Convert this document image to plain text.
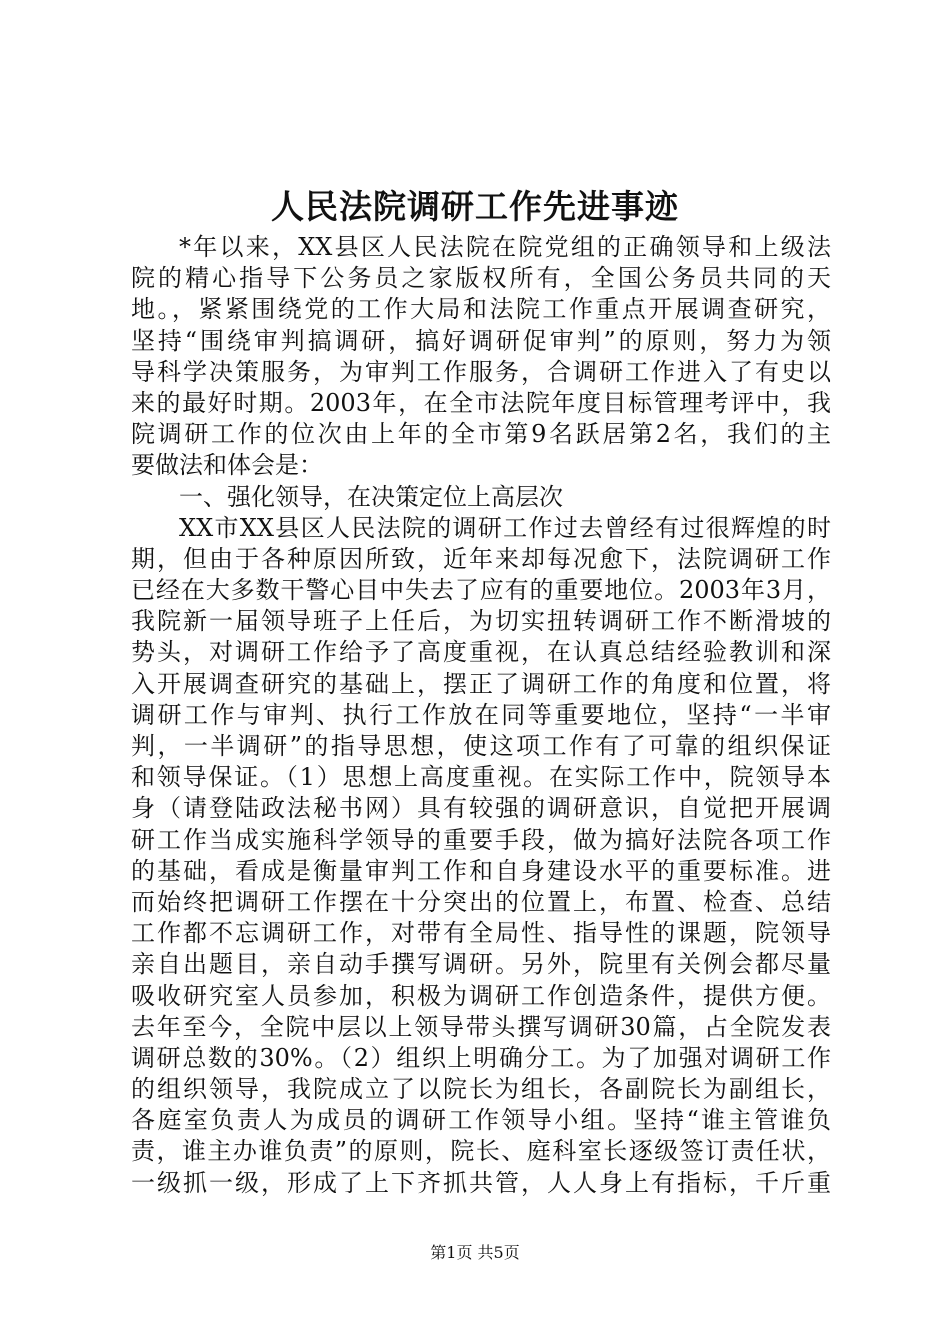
人民法院调研工作先进事迹
*年以来，XX县区人民法院在院党组的正确领导和上级法
院的精心指导下公务员之家版权所有，全国公务员共同的天
地。，紧紧围绕党的工作大局和法院工作重点开展调查研究，
坚持“围绕审判搞调研，搞好调研促审判”的原则，努力为领
导科学决策服务，为审判工作服务，合调研工作进入了有史以
来的最好时期。2003年，在全市法院年度目标管理考评中，我
院调研工作的位次由上年的全市第9名跃居第2名，我们的主
要做法和体会是：
一、强化领导，在决策定位上高层次
XX市XX县区人民法院的调研工作过去曾经有过很辉煌的时
期，但由于各种原因所致，近年来却每况愈下，法院调研工作
已经在大多数干警心目中失去了应有的重要地位。2003年3月，
我院新一届领导班子上任后，为切实扭转调研工作不断滑坡的
势头，对调研工作给予了高度重视，在认真总结经验教训和深
入开展调查研究的基础上，摆正了调研工作的角度和位置，将
调研工作与审判、执行工作放在同等重要地位，坚持“一半审
判，一半调研”的指导思想，使这项工作有了可靠的组织保证
和领导保证。（1）思想上高度重视。在实际工作中，院领导本
身（请登陆政法秘书网）具有较强的调研意识，自觉把开展调
研工作当成实施科学领导的重要手段，做为搞好法院各项工作
的基础，看成是衡量审判工作和自身建设水平的重要标准。进
而始终把调研工作摆在十分突出的位置上，布置、检查、总结
工作都不忘调研工作，对带有全局性、指导性的课题，院领导
亲自出题目，亲自动手撰写调研。另外，院里有关例会都尽量
吸收研究室人员参加，积极为调研工作创造条件，提供方便。
去年至今，全院中层以上领导带头撰写调研30篇，占全院发表
调研总数的30%。（2）组织上明确分工。为了加强对调研工作
的组织领导，我院成立了以院长为组长，各副院长为副组长，
各庭室负责人为成员的调研工作领导小组。坚持“谁主管谁负
责，谁主办谁负责”的原则，院长、庭科室长逐级签订责任状，
一级抓一级，形成了上下齐抓共管，人人身上有指标，千斤重
第1页 共5页
